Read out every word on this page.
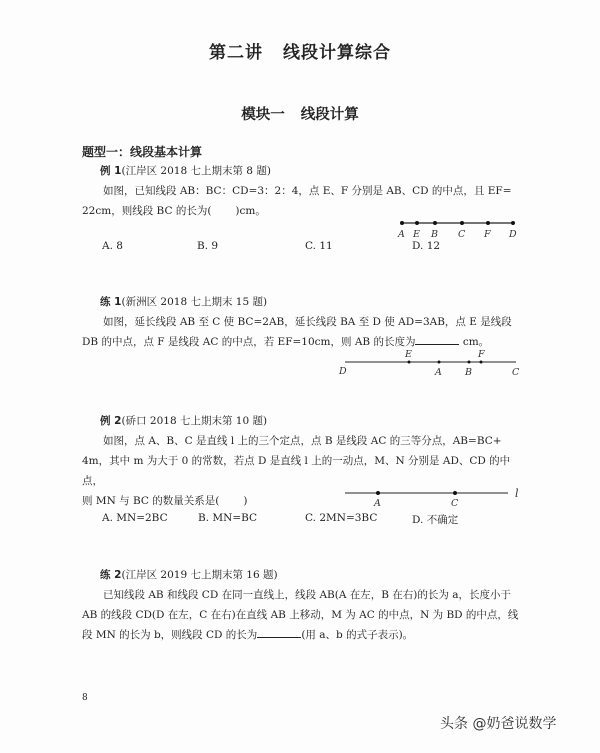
第二讲 线段计算综合
模块一 线段计算
题型一：线段基本计算
例 1(江岸区 2018 七上期末第 8 题)
如图，已知线段 AB：BC：CD=3：2：4，点 E、F 分别是 AB、CD 的中点，且 EF=
22cm，则线段 BC 的长为( )cm。
A E B C F D
A. 8	B. 9	C. 11	D. 12
练 1(新洲区 2018 七上期末 15 题)
如图，延长线段 AB 至 C 使 BC=2AB，延长线段 BA 至 D 使 AD=3AB，点 E 是线段
DB 的中点，点 F 是线段 AC 的中点，若 EF=10cm，则 AB 的长度为	cm。
D
E
A B
F
C
例 2(硚口 2018 七上期末第 10 题)
如图，点 A、B、C 是直线 l 上的三个定点，点 B 是线段 AC 的三等分点，AB=BC+
4m，其中 m 为大于 0 的常数，若点 D 是直线 l 上的一动点，M、N 分别是 AD、CD 的中点，
则 MN 与 BC 的数量关系是( )	A	C
l
A. MN=2BC	B. MN=BC	C. 2MN=3BC	D. 不确定
练 2(江岸区 2019 七上期末第 16 题)
已知线段 AB 和线段 CD 在同一直线上，线段 AB(A 在左，B 在右)的长为 a，长度小于
AB 的线段 CD(D 在左，C 在右)在直线 AB 上移动，M 为 AC 的中点，N 为 BD 的中点，线
段 MN 的长为 b，则线段 CD 的长为	(用 a、b 的式子表示)。
8
头条 @奶爸说数学
